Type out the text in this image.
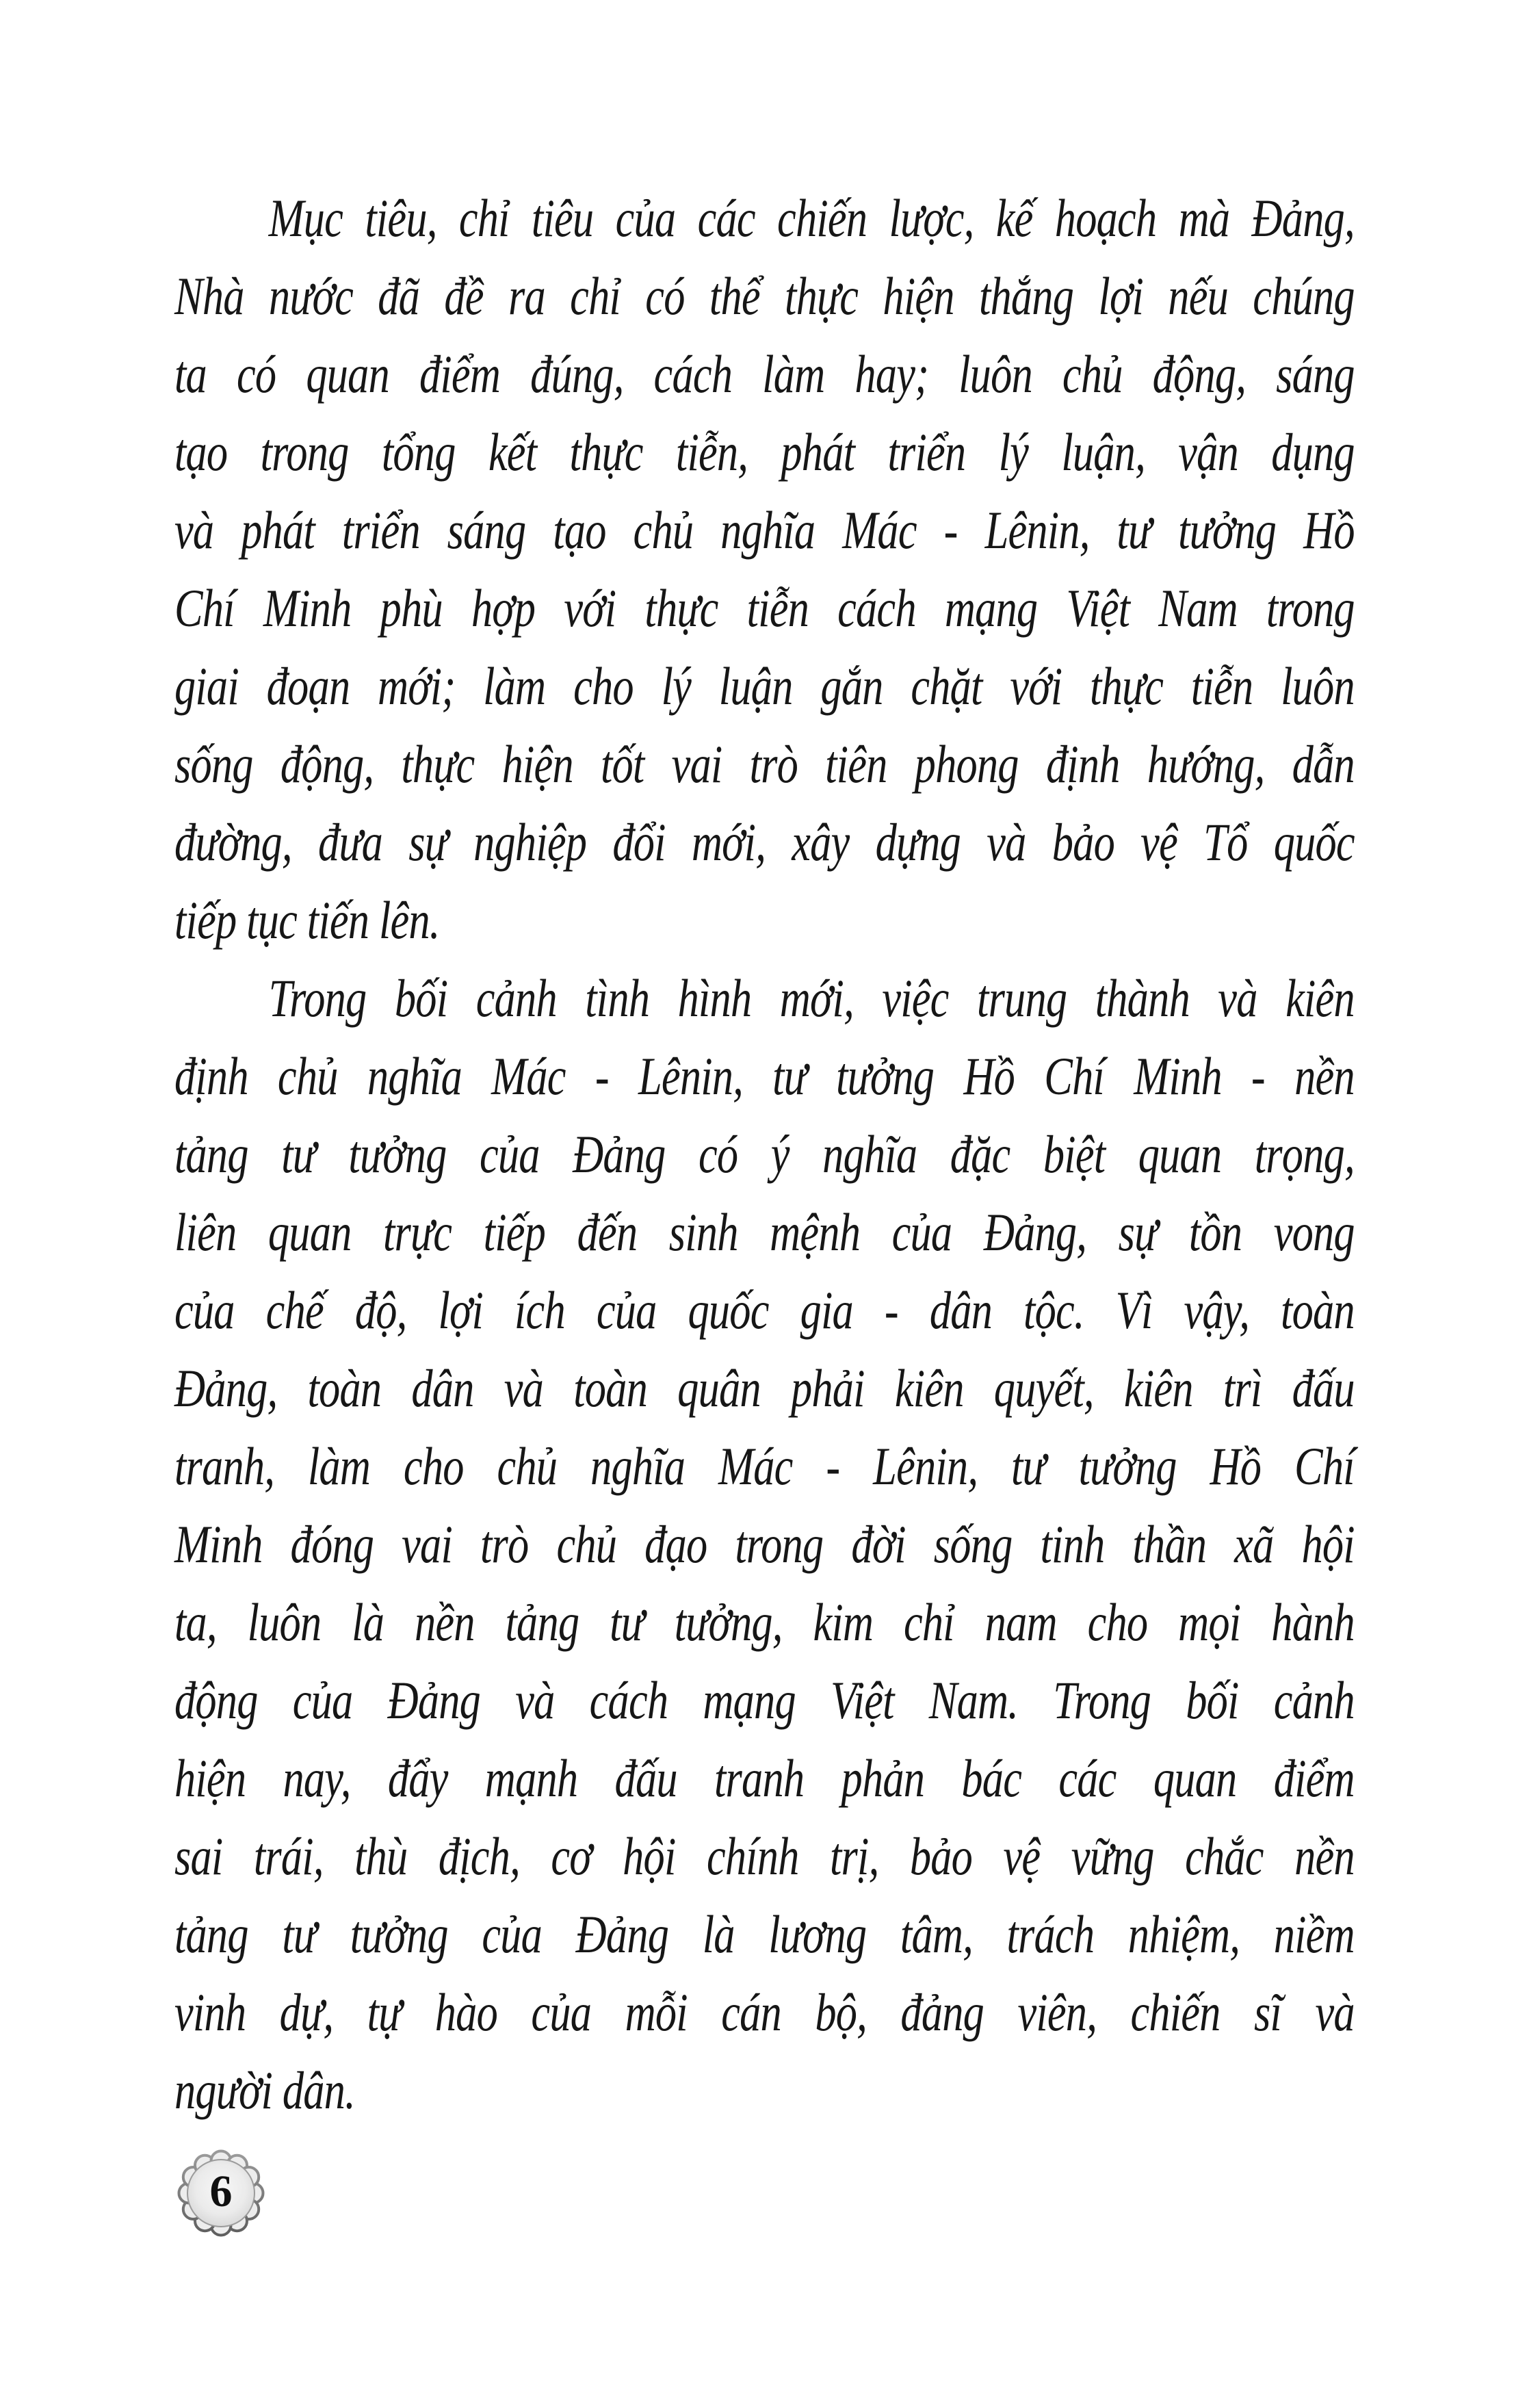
Mục tiêu, chỉ tiêu của các chiến lược, kế hoạch mà Đảng,
Nhà nước đã đề ra chỉ có thể thực hiện thắng lợi nếu chúng
ta có quan điểm đúng, cách làm hay; luôn chủ động, sáng
tạo trong tổng kết thực tiễn, phát triển lý luận, vận dụng
và phát triển sáng tạo chủ nghĩa Mác - Lênin, tư tưởng Hồ
Chí Minh phù hợp với thực tiễn cách mạng Việt Nam trong
giai đoạn mới; làm cho lý luận gắn chặt với thực tiễn luôn
sống động, thực hiện tốt vai trò tiên phong định hướng, dẫn
đường, đưa sự nghiệp đổi mới, xây dựng và bảo vệ Tổ quốc
tiếp tục tiến lên.
Trong bối cảnh tình hình mới, việc trung thành và kiên
định chủ nghĩa Mác - Lênin, tư tưởng Hồ Chí Minh - nền
tảng tư tưởng của Đảng có ý nghĩa đặc biệt quan trọng,
liên quan trực tiếp đến sinh mệnh của Đảng, sự tồn vong
của chế độ, lợi ích của quốc gia - dân tộc. Vì vậy, toàn
Đảng, toàn dân và toàn quân phải kiên quyết, kiên trì đấu
tranh, làm cho chủ nghĩa Mác - Lênin, tư tưởng Hồ Chí
Minh đóng vai trò chủ đạo trong đời sống tinh thần xã hội
ta, luôn là nền tảng tư tưởng, kim chỉ nam cho mọi hành
động của Đảng và cách mạng Việt Nam. Trong bối cảnh
hiện nay, đẩy mạnh đấu tranh phản bác các quan điểm
sai trái, thù địch, cơ hội chính trị, bảo vệ vững chắc nền
tảng tư tưởng của Đảng là lương tâm, trách nhiệm, niềm
vinh dự, tự hào của mỗi cán bộ, đảng viên, chiến sĩ và
người dân.
6
